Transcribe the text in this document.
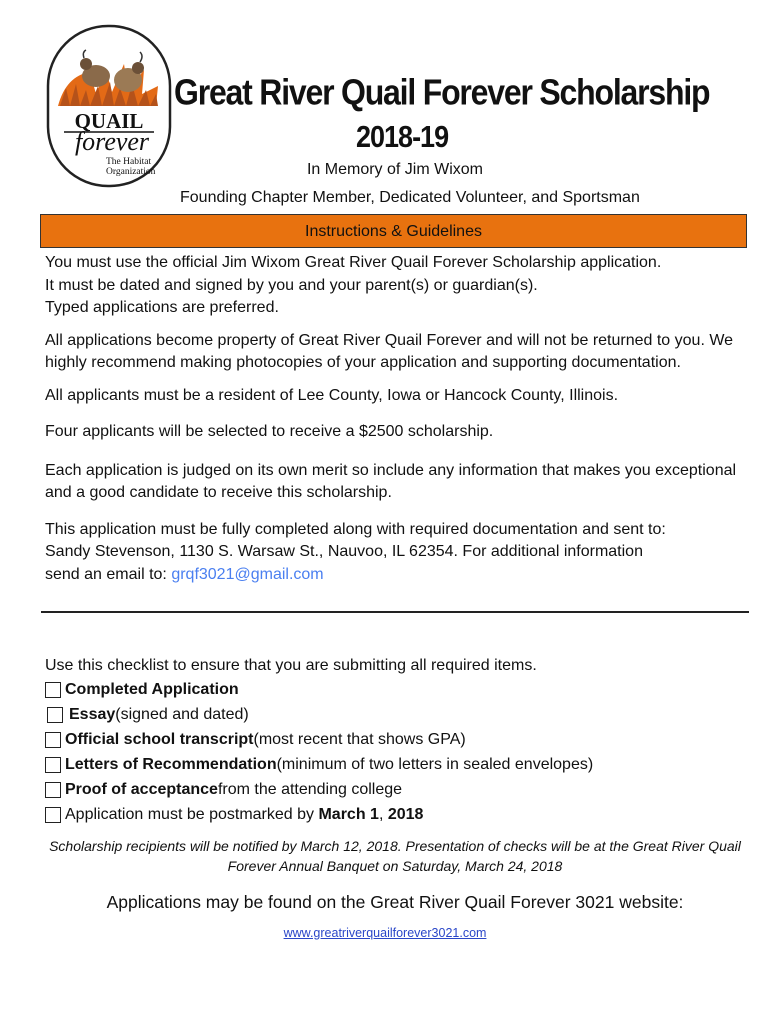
QUAIL
forever
The Habitat
Organization
Great River Quail Forever Scholarship
2018-19
In Memory of Jim Wixom
Founding Chapter Member, Dedicated Volunteer, and Sportsman
Instructions & Guidelines

You must use the official Jim Wixom Great River Quail Forever Scholarship application.

It must be dated and signed by you and your parent(s) or guardian(s).

Typed applications are preferred.

All applications become property of Great River Quail Forever and will not be returned to you. We highly recommend making photocopies of your application and supporting documentation.

All applicants must be a resident of Lee County, Iowa or Hancock County, Illinois.

Four applicants will be selected to receive a $2500 scholarship.

Each application is judged on its own merit so include any information that makes you exceptional and a good candidate to receive this scholarship.

This application must be fully completed along with required documentation and sent to:

Sandy Stevenson, 1130 S. Warsaw St., Nauvoo, IL 62354. For additional information

send an email to: grqf3021@gmail.com

Use this checklist to ensure that you are submitting all required items.
Completed Application
Essay (signed and dated)
Official school transcript (most recent that shows GPA)
Letters of Recommendation (minimum of two letters in sealed envelopes)
Proof of acceptance from the attending college
Application must be postmarked by March 1 , 2018
Scholarship recipients will be notified by March 12, 2018. Presentation of checks will be at the Great River Quail Forever Annual Banquet on Saturday, March 24, 2018
Applications may be found on the Great River Quail Forever 3021 website:
www.greatriverquailforever3021.com
